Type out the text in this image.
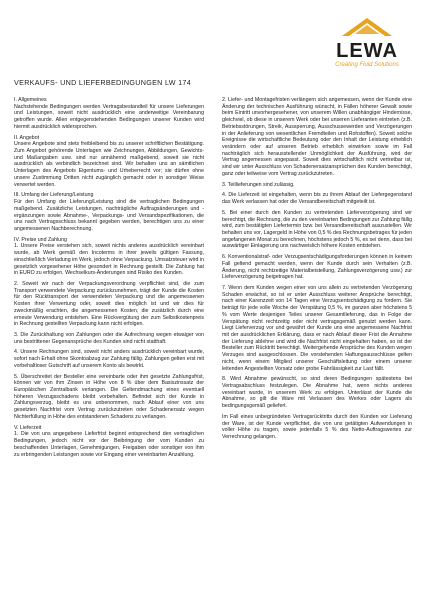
LEWA
Creating Fluid Solutions
VERKAUFS- UND LIEFERBEDINGUNGEN LW 174

I. Allgemeines

Nachstehende Bedingungen werden Vertragsbestandteil für unsere Lieferungen und Leistungen, soweit nicht ausdrücklich eine anderweitige Vereinbarung getroffen wurde. Allen entgegenstehenden Bedingungen unserer Kunden wird hiermit ausdrücklich widersprochen.

II. Angebot

Unsere Angebote sind stets freibleibend bis zu unserer schriftlichen Bestätigung. Zum Angebot gehörende Unterlagen wie Zeichnungen, Abbildungen, Gewichts- und Maßangaben usw. sind nur annähernd maßgebend, soweit sie nicht ausdrücklich als verbindlich bezeichnet sind. Wir behalten uns an sämtlichen Unterlagen des Angebots Eigentums- und Urheberrecht vor; sie dürfen ohne unsere Zustimmung Dritten nicht zugänglich gemacht oder in sonstiger Weise verwertet werden.

III. Umfang der Lieferung/Leistung

Für den Umfang der Lieferung/Leistung sind die vertraglichen Bedingungen maßgebend. Zusätzliche Leistungen, nachträgliche Auftragsänderungen und -ergänzungen sowie Abnahme-, Verpackungs- und Versandspezifikationen, die uns nach Vertragsschluss bekannt gegeben werden, berechtigen uns zu einer angemessenen Nachberechnung.

IV. Preise und Zahlung

1. Unsere Preise verstehen sich, soweit nichts anderes ausdrücklich vereinbart wurde, ab Werk gemäß den Incoterms in ihrer jeweils gültigen Fassung, einschließlich Verladung im Werk, jedoch ohne Verpackung. Umsatzsteuer wird in gesetzlich vorgesehener Höhe gesondert in Rechnung gestellt. Die Zahlung hat in EURO zu erfolgen. Wechselkurs-Änderungen sind Risiko des Kunden.

2. Soweit wir nach der Verpackungsverordnung verpflichtet sind, die zum Transport verwendete Verpackung zurückzunehmen, trägt der Kunde die Kosten für den Rücktransport der verwendeten Verpackung und die angemessenen Kosten ihrer Verwertung oder, soweit dies möglich ist und wir dies für zweckmäßig erachten, die angemessenen Kosten, die zusätzlich durch eine erneute Verwendung entstehen. Eine Rückvergütung der zum Selbstkostenpreis in Rechnung gestellten Verpackung kann nicht erfolgen.

3. Die Zurückhaltung von Zahlungen oder die Aufrechnung wegen etwaiger von uns bestrittener Gegenansprüche des Kunden sind nicht statthaft.

4. Unsere Rechnungen sind, soweit nicht anders ausdrücklich vereinbart wurde, sofort nach Erhalt ohne Skontoabzug zur Zahlung fällig. Zahlungen gelten erst mit vorbehaltloser Gutschrift auf unserem Konto als bewirkt.

5. Überschreitet der Besteller eine vereinbarte oder ihm gesetzte Zahlungsfrist, können wir von ihm Zinsen in Höhe von 8 % über dem Basiszinssatz der Europäischen Zentralbank verlangen. Die Geltendmachung eines eventuell höheren Verzugsschadens bleibt vorbehalten. Befindet sich der Kunde in Zahlungsverzug, bleibt es uns unbenommen, nach Ablauf einer von uns gesetzten Nachfrist vom Vertrag zurückzutreten oder Schadenersatz wegen Nichterfüllung in Höhe des entstandenen Schadens zu verlangen.

V. Lieferzeit

1. Die von uns angegebene Lieferfrist beginnt entsprechend den vertraglichen Bedingungen, jedoch nicht vor der Beibringung der vom Kunden zu beschaffenden Unterlagen, Genehmigungen, Freigaben oder sonstiger von ihm zu erbringenden Leistungen sowie vor Eingang einer vereinbarten Anzahlung.

2. Liefer- und Montagefristen verlängern sich angemessen, wenn der Kunde eine Änderung der technischen Ausführung wünscht, in Fällen höherer Gewalt sowie beim Eintritt unvorhergesehener, von unserem Willen unabhängiger Hindernisse, gleichviel, ob diese in unserem Werk oder bei unseren Lieferanten eintreten (z.B. Betriebsstörungen, Streik, Aussperrung, Ausschussewerden und Verzögerungen in der Anlieferung von wesentlichen Fremdteilen und Rohstoffen). Soweit solche Ereignisse die wirtschaftliche Bedeutung oder den Inhalt der Leistung erheblich verändern oder auf unseren Betrieb erheblich einwirken sowie im Fall nachträglich sich herausstellender Unmöglichkeit der Ausführung, wird der Vertrag angemessen angepasst. Soweit dies wirtschaftlich nicht vertretbar ist, sind wir unter Ausschluss von Schadenersatzansprüchen des Kunden berechtigt, ganz oder teilweise vom Vertrag zurückzutreten.

3. Teillieferungen sind zulässig.

4. Die Lieferzeit ist eingehalten, wenn bis zu ihrem Ablauf der Liefergegenstand das Werk verlassen hat oder die Versandbereitschaft mitgeteilt ist.

5. Bei einer durch den Kunden zu vertretenden Lieferverzögerung sind wir berechtigt, die Rechnung, die zu den vereinbarten Bedingungen zur Zahlung fällig wird, zum bestätigten Liefertermin bzw. bei Versandbereitschaft auszustellen. Wir behalten uns vor, Lagergeld in Höhe von 0,5 % des Rechnungsbetrages für jeden angefangenen Monat zu berechnen, höchstens jedoch 5 %, es sei denn, dass bei auswärtiger Einlagerung uns nachweislich höhere Kosten entstehen.

6. Konventionalstraf- oder Verzugsentschädigungsforderungen können in keinem Fall geltend gemacht werden, wenn der Kunde durch sein Verhalten (z.B. Änderung, nicht rechtzeitige Materialbeistellung, Zahlungsverzögerung usw.) zur Lieferverzögerung beigetragen hat.

7. Wenn dem Kunden wegen einer von uns allein zu vertretenden Verzögerung Schaden erwächst, so ist er unter Ausschluss weiterer Ansprüche berechtigt, nach einer Karenzzeit von 14 Tagen eine Verzugsentschädigung zu fordern. Sie beträgt für jede volle Woche der Verspätung 0,5 %, im ganzen aber höchstens 5 % vom Werte desjenigen Teiles unserer Gesamtlieferung, das in Folge der Verspätung nicht rechtzeitig oder nicht vertragsgemäß genutzt werden kann. Liegt Lieferverzug vor und gewährt der Kunde uns eine angemessene Nachfrist mit der ausdrücklichen Erklärung, dass er nach Ablauf dieser Frist die Annahme der Lieferung ablehne und wird die Nachfrist nicht eingehalten haben, so ist der Besteller zum Rücktritt berechtigt. Weitergehende Ansprüche des Kunden wegen Verzuges sind ausgeschlossen. Die vorstehenden Haftungsausschlüsse gelten nicht, wenn einem Mitglied unserer Geschäftsleitung oder einem unserer leitenden Angestellten Vorsatz oder grobe Fahrlässigkeit zur Last fällt.

8. Wird Abnahme gewünscht, so sind deren Bedingungen spätestens bei Vertragsabschluss festzulegen. Die Abnahme hat, wenn nichts anderes vereinbart wurde, in unserem Werk zu erfolgen. Unterlässt der Kunde die Abnahme, so gilt die Ware mit Verlassen des Werkes oder Lagers als bedingungsgemäß geliefert.

Im Fall eines unbegründeten Vertragsrücktritts durch den Kunden vor Lieferung der Ware, ist der Kunde verpflichtet, die von uns getätigten Aufwendungen in voller Höhe zu tragen, sowie jedenfalls 5 % des Netto-Auftragswertes zur Verrechnung gelangen.
